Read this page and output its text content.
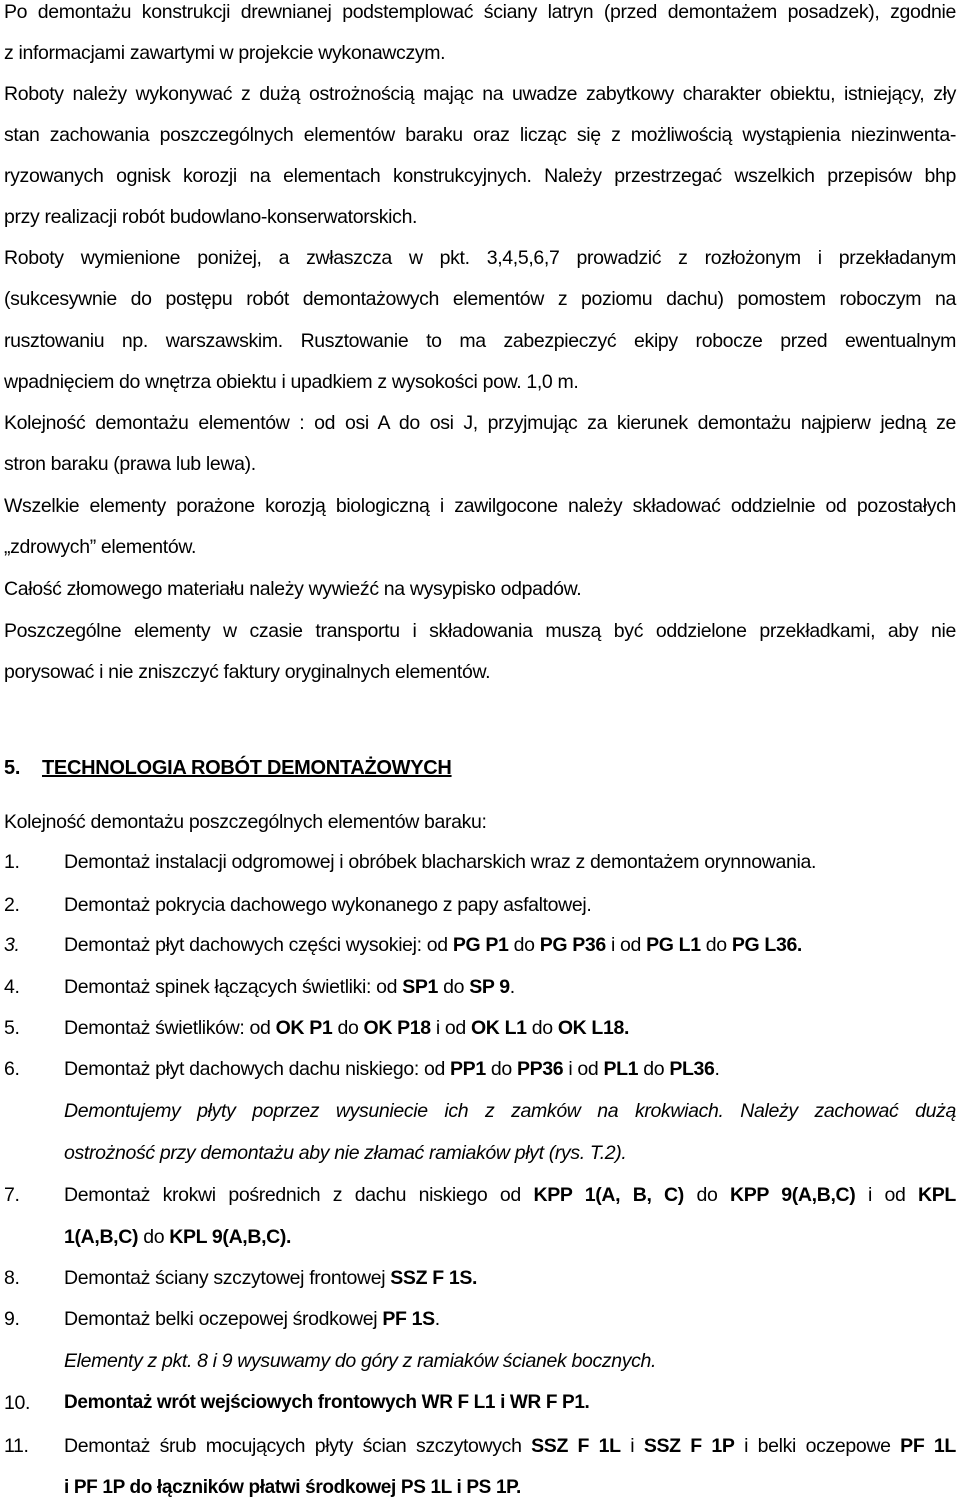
Po demontażu konstrukcji drewnianej podstemplować ściany latryn (przed demontażem posadzek), zgodnie
z informacjami zawartymi w projekcie wykonawczym.
Roboty należy wykonywać z dużą ostrożnością mając na uwadze zabytkowy charakter obiektu, istniejący, zły
stan zachowania poszczególnych elementów baraku oraz licząc się z możliwością wystąpienia niezinwenta-
ryzowanych ognisk korozji na elementach konstrukcyjnych. Należy przestrzegać wszelkich przepisów bhp
przy realizacji robót budowlano-konserwatorskich.
Roboty wymienione poniżej, a zwłaszcza w pkt. 3,4,5,6,7 prowadzić z rozłożonym i przekładanym
(sukcesywnie do postępu robót demontażowych elementów z poziomu dachu) pomostem roboczym na
rusztowaniu np. warszawskim. Rusztowanie to ma zabezpieczyć ekipy robocze przed ewentualnym
wpadnięciem do wnętrza obiektu i upadkiem z wysokości pow. 1,0 m.
Kolejność demontażu elementów : od osi A do osi J, przyjmując za kierunek demontażu najpierw jedną ze
stron baraku (prawa lub lewa).
Wszelkie elementy porażone korozją biologiczną i zawilgocone należy składować oddzielnie od pozostałych
„zdrowych” elementów.
Całość złomowego materiału należy wywieźć na wysypisko odpadów.
Poszczególne elementy w czasie transportu i składowania muszą być oddzielone przekładkami, aby nie
porysować i nie zniszczyć faktury oryginalnych elementów.
5. TECHNOLOGIA ROBÓT DEMONTAŻOWYCH
Kolejność demontażu poszczególnych elementów baraku:
1. Demontaż instalacji odgromowej i obróbek blacharskich wraz z demontażem orynnowania.
2. Demontaż pokrycia dachowego wykonanego z papy asfaltowej.
3. Demontaż płyt dachowych części wysokiej: od PG P1 do PG P36 i od PG L1 do PG L36.
4. Demontaż spinek łączących świetliki: od SP1 do SP 9.
5. Demontaż świetlików: od OK P1 do OK P18 i od OK L1 do OK L18.
6. Demontaż płyt dachowych dachu niskiego: od PP1 do PP36 i od PL1 do PL36.
Demontujemy płyty poprzez wysuniecie ich z zamków na krokwiach. Należy zachować dużą
ostrożność przy demontażu aby nie złamać ramiaków płyt (rys. T.2).
7. Demontaż krokwi pośrednich z dachu niskiego od KPP 1(A, B, C) do KPP 9(A,B,C) i od KPL
1(A,B,C) do KPL 9(A,B,C).
8. Demontaż ściany szczytowej frontowej SSZ F 1S.
9. Demontaż belki oczepowej środkowej PF 1S.
Elementy z pkt. 8 i 9 wysuwamy do góry z ramiaków ścianek bocznych.
10. Demontaż wrót wejściowych frontowych WR F L1 i WR F P1.
11. Demontaż śrub mocujących płyty ścian szczytowych SSZ F 1L i SSZ F 1P i belki oczepowe PF 1L
i PF 1P do łączników płatwi środkowej PS 1L i PS 1P.
